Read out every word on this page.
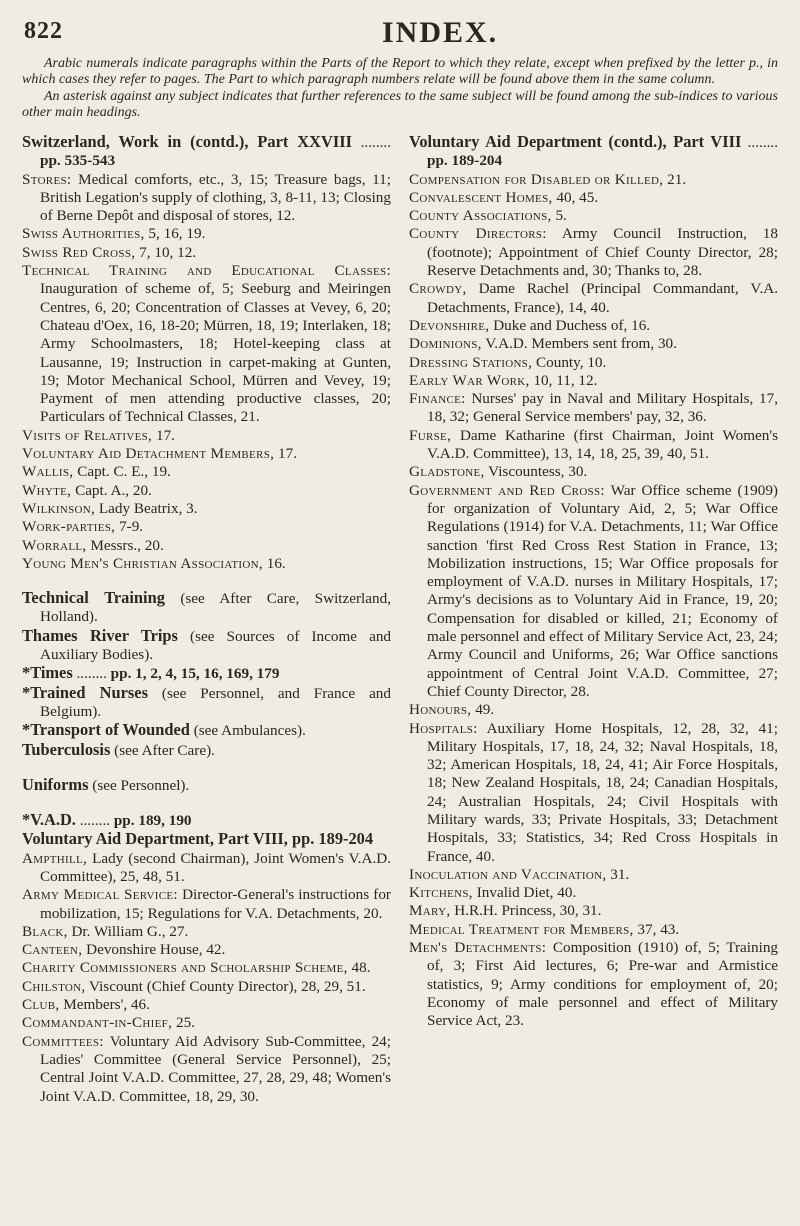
822	INDEX.

Arabic numerals indicate paragraphs within the Parts of the Report to which they relate, except when prefixed by the letter p., in which cases they refer to pages. The Part to which paragraph numbers relate will be found above them in the same column.

An asterisk against any subject indicates that further references to the same subject will be found among the sub-indices to various other main headings.

Switzerland, Work in (contd.), Part XXVIII ........ pp. 535-543

Stores: Medical comforts, etc., 3, 15; Treasure bags, 11; British Legation's supply of clothing, 3, 8-11, 13; Closing of Berne Depôt and disposal of stores, 12.

Swiss Authorities, 5, 16, 19.

Swiss Red Cross, 7, 10, 12.

Technical Training and Educational Classes: Inauguration of scheme of, 5; Seeburg and Meiringen Centres, 6, 20; Concentration of Classes at Vevey, 6, 20; Chateau d'Oex, 16, 18-20; Mürren, 18, 19; Interlaken, 18; Army Schoolmasters, 18; Hotel-keeping class at Lausanne, 19; Instruction in carpet-making at Gunten, 19; Motor Mechanical School, Mürren and Vevey, 19; Payment of men attending productive classes, 20; Particulars of Technical Classes, 21.

Visits of Relatives, 17.

Voluntary Aid Detachment Members, 17.

Wallis, Capt. C. E., 19.

Whyte, Capt. A., 20.

Wilkinson, Lady Beatrix, 3.

Work-parties, 7-9.

Worrall, Messrs., 20.

Young Men's Christian Association, 16.

Technical Training (see After Care, Switzerland, Holland).

Thames River Trips (see Sources of Income and Auxiliary Bodies).

*Times ........ pp. 1, 2, 4, 15, 16, 169, 179

*Trained Nurses (see Personnel, and France and Belgium).

*Transport of Wounded (see Ambulances).

Tuberculosis (see After Care).

Uniforms (see Personnel).

*V.A.D. ........ pp. 189, 190

Voluntary Aid Department, Part VIII, pp. 189-204

Ampthill, Lady (second Chairman), Joint Women's V.A.D. Committee), 25, 48, 51.

Army Medical Service: Director-General's instructions for mobilization, 15; Regulations for V.A. Detachments, 20.

Black, Dr. William G., 27.

Canteen, Devonshire House, 42.

Charity Commissioners and Scholarship Scheme, 48.

Chilston, Viscount (Chief County Director), 28, 29, 51.

Club, Members', 46.

Commandant-in-Chief, 25.

Committees: Voluntary Aid Advisory Sub-Committee, 24; Ladies' Committee (General Service Personnel), 25; Central Joint V.A.D. Committee, 27, 28, 29, 48; Women's Joint V.A.D. Committee, 18, 29, 30.

Voluntary Aid Department (contd.), Part VIII ........ pp. 189-204

Compensation for Disabled or Killed, 21.

Convalescent Homes, 40, 45.

County Associations, 5.

County Directors: Army Council Instruction, 18 (footnote); Appointment of Chief County Director, 28; Reserve Detachments and, 30; Thanks to, 28.

Crowdy, Dame Rachel (Principal Commandant, V.A. Detachments, France), 14, 40.

Devonshire, Duke and Duchess of, 16.

Dominions, V.A.D. Members sent from, 30.

Dressing Stations, County, 10.

Early War Work, 10, 11, 12.

Finance: Nurses' pay in Naval and Military Hospitals, 17, 18, 32; General Service members' pay, 32, 36.

Furse, Dame Katharine (first Chairman, Joint Women's V.A.D. Committee), 13, 14, 18, 25, 39, 40, 51.

Gladstone, Viscountess, 30.

Government and Red Cross: War Office scheme (1909) for organization of Voluntary Aid, 2, 5; War Office Regulations (1914) for V.A. Detachments, 11; War Office sanction 'first Red Cross Rest Station in France, 13; Mobilization instructions, 15; War Office proposals for employment of V.A.D. nurses in Military Hospitals, 17; Army's decisions as to Voluntary Aid in France, 19, 20; Compensation for disabled or killed, 21; Economy of male personnel and effect of Military Service Act, 23, 24; Army Council and Uniforms, 26; War Office sanctions appointment of Central Joint V.A.D. Committee, 27; Chief County Director, 28.

Honours, 49.

Hospitals: Auxiliary Home Hospitals, 12, 28, 32, 41; Military Hospitals, 17, 18, 24, 32; Naval Hospitals, 18, 32; American Hospitals, 18, 24, 41; Air Force Hospitals, 18; New Zealand Hospitals, 18, 24; Canadian Hospitals, 24; Australian Hospitals, 24; Civil Hospitals with Military wards, 33; Private Hospitals, 33; Detachment Hospitals, 33; Statistics, 34; Red Cross Hospitals in France, 40.

Inoculation and Vaccination, 31.

Kitchens, Invalid Diet, 40.

Mary, H.R.H. Princess, 30, 31.

Medical Treatment for Members, 37, 43.

Men's Detachments: Composition (1910) of, 5; Training of, 3; First Aid lectures, 6; Pre-war and Armistice statistics, 9; Army conditions for employment of, 20; Economy of male personnel and effect of Military Service Act, 23.
